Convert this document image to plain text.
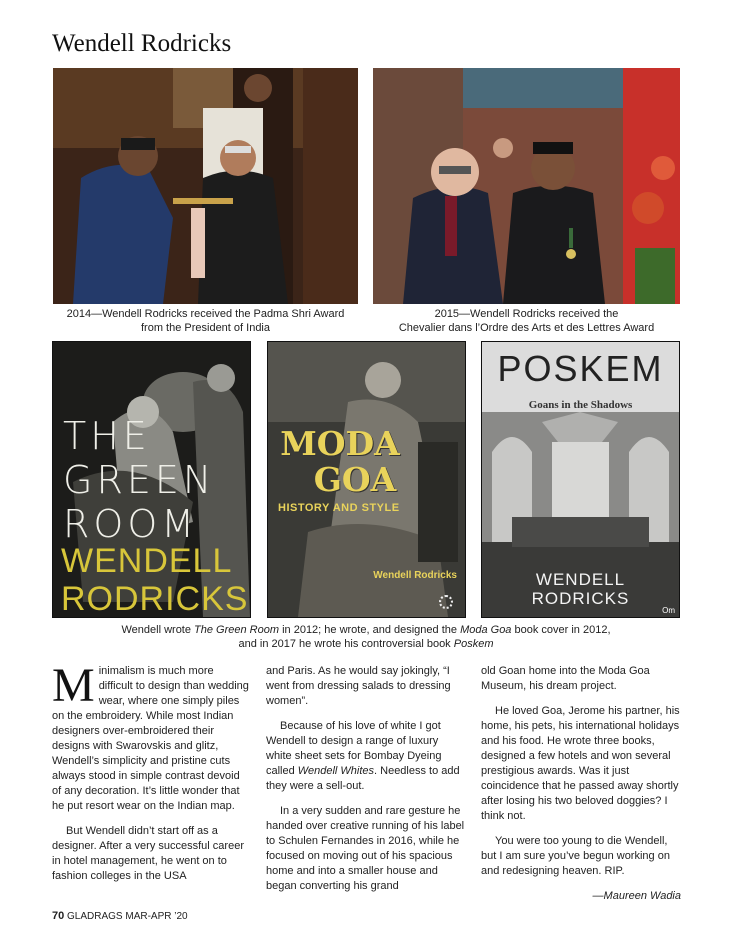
Wendell Rodricks
2014—Wendell Rodricks received the Padma Shri Award
from the President of India
2015—Wendell Rodricks received the
Chevalier dans l’Ordre des Arts et des Lettres Award
THE
GREEN
ROOM
WENDELL
RODRICKS
MODA
GOA
HISTORY AND STYLE
Wendell Rodricks
POSKEM
Goans in the Shadows
WENDELL
RODRICKS
Om
Wendell wrote The Green Room in 2012; he wrote, and designed the Moda Goa book cover in 2012,
and in 2017 he wrote his controversial book Poskem

Minimalism is much more difficult to design than wedding wear, where one simply piles on the embroidery. While most Indian designers over-embroidered their designs with Swarovskis and glitz, Wendell’s simplicity and pristine cuts always stood in simple contrast devoid of any decoration. It’s little wonder that he put resort wear on the Indian map.

But Wendell didn’t start off as a designer. After a very successful career in hotel management, he went on to fashion colleges in the USA

and Paris. As he would say jokingly, “I went from dressing salads to dressing women”.

Because of his love of white I got Wendell to design a range of luxury white sheet sets for Bombay Dyeing called Wendell Whites. Needless to add they were a sell-out.

In a very sudden and rare gesture he handed over creative running of his label to Schulen Fernandes in 2016, while he focused on moving out of his spacious home and into a smaller house and began converting his grand

old Goan home into the Moda Goa Museum, his dream project.

He loved Goa, Jerome his partner, his home, his pets, his international holidays and his food. He wrote three books, designed a few hotels and won several prestigious awards. Was it just coincidence that he passed away shortly after losing his two beloved doggies? I think not.

You were too young to die Wendell, but I am sure you’ve begun working on and redesigning heaven. RIP.

—Maureen Wadia

70 GLADRAGS MAR-APR ’20
